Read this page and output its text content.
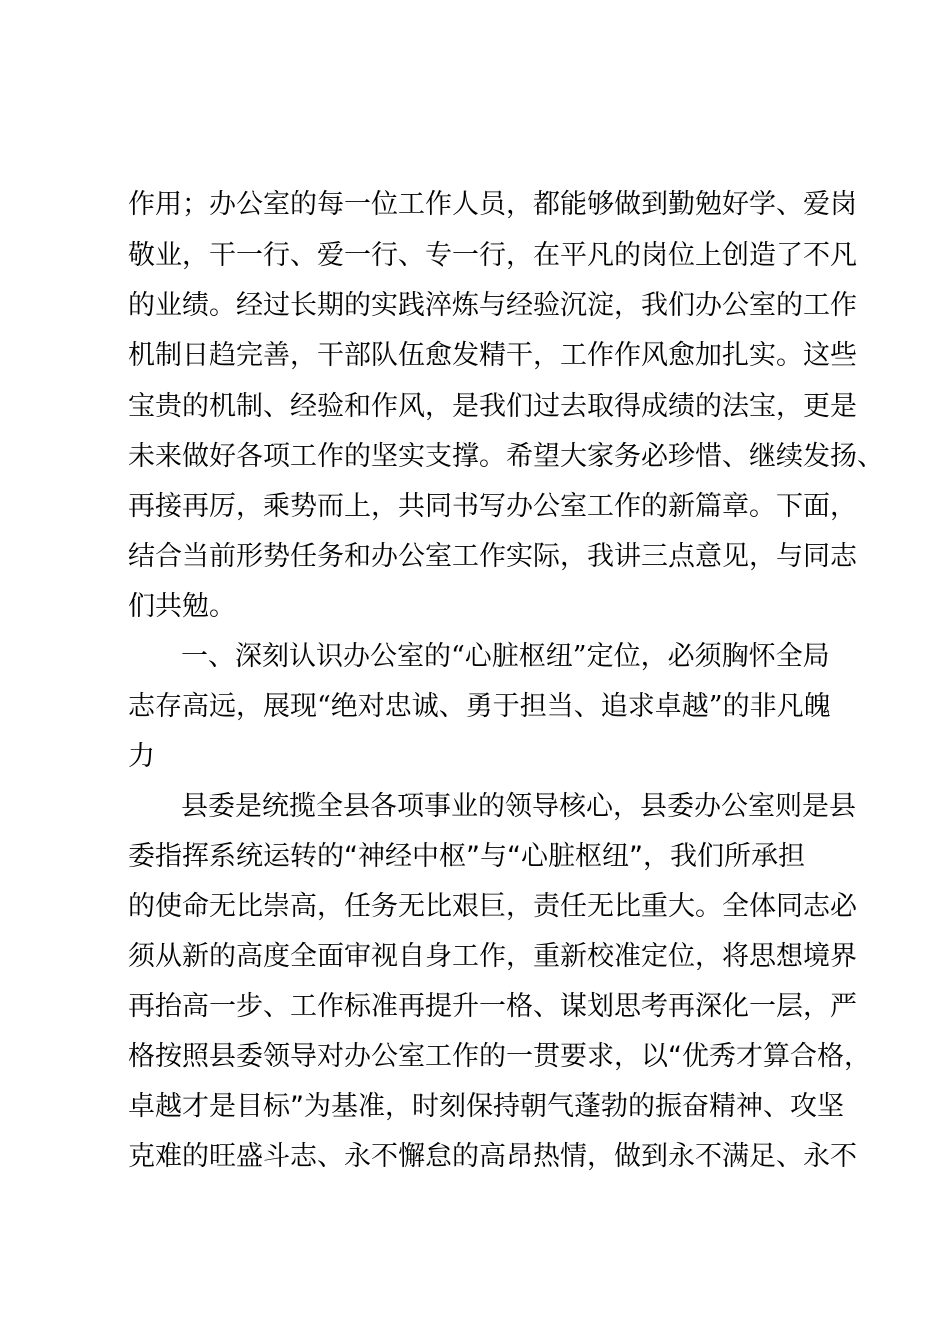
作用；办公室的每一位工作人员，都能够做到勤勉好学、爱岗
敬业，干一行、爱一行、专一行，在平凡的岗位上创造了不凡
的业绩。经过长期的实践淬炼与经验沉淀，我们办公室的工作
机制日趋完善，干部队伍愈发精干，工作作风愈加扎实。这些
宝贵的机制、经验和作风，是我们过去取得成绩的法宝，更是
未来做好各项工作的坚实支撑。希望大家务必珍惜、继续发扬、
再接再厉，乘势而上，共同书写办公室工作的新篇章。下面，
结合当前形势任务和办公室工作实际，我讲三点意见，与同志
们共勉。
一、深刻认识办公室的“心脏枢纽”定位，必须胸怀全局
志存高远，展现“绝对忠诚、勇于担当、追求卓越”的非凡魄
力
县委是统揽全县各项事业的领导核心，县委办公室则是县
委指挥系统运转的“神经中枢”与“心脏枢纽”，我们所承担
的使命无比崇高，任务无比艰巨，责任无比重大。全体同志必
须从新的高度全面审视自身工作，重新校准定位，将思想境界
再抬高一步、工作标准再提升一格、谋划思考再深化一层，严
格按照县委领导对办公室工作的一贯要求，以“优秀才算合格，
卓越才是目标”为基准，时刻保持朝气蓬勃的振奋精神、攻坚
克难的旺盛斗志、永不懈怠的高昂热情，做到永不满足、永不
